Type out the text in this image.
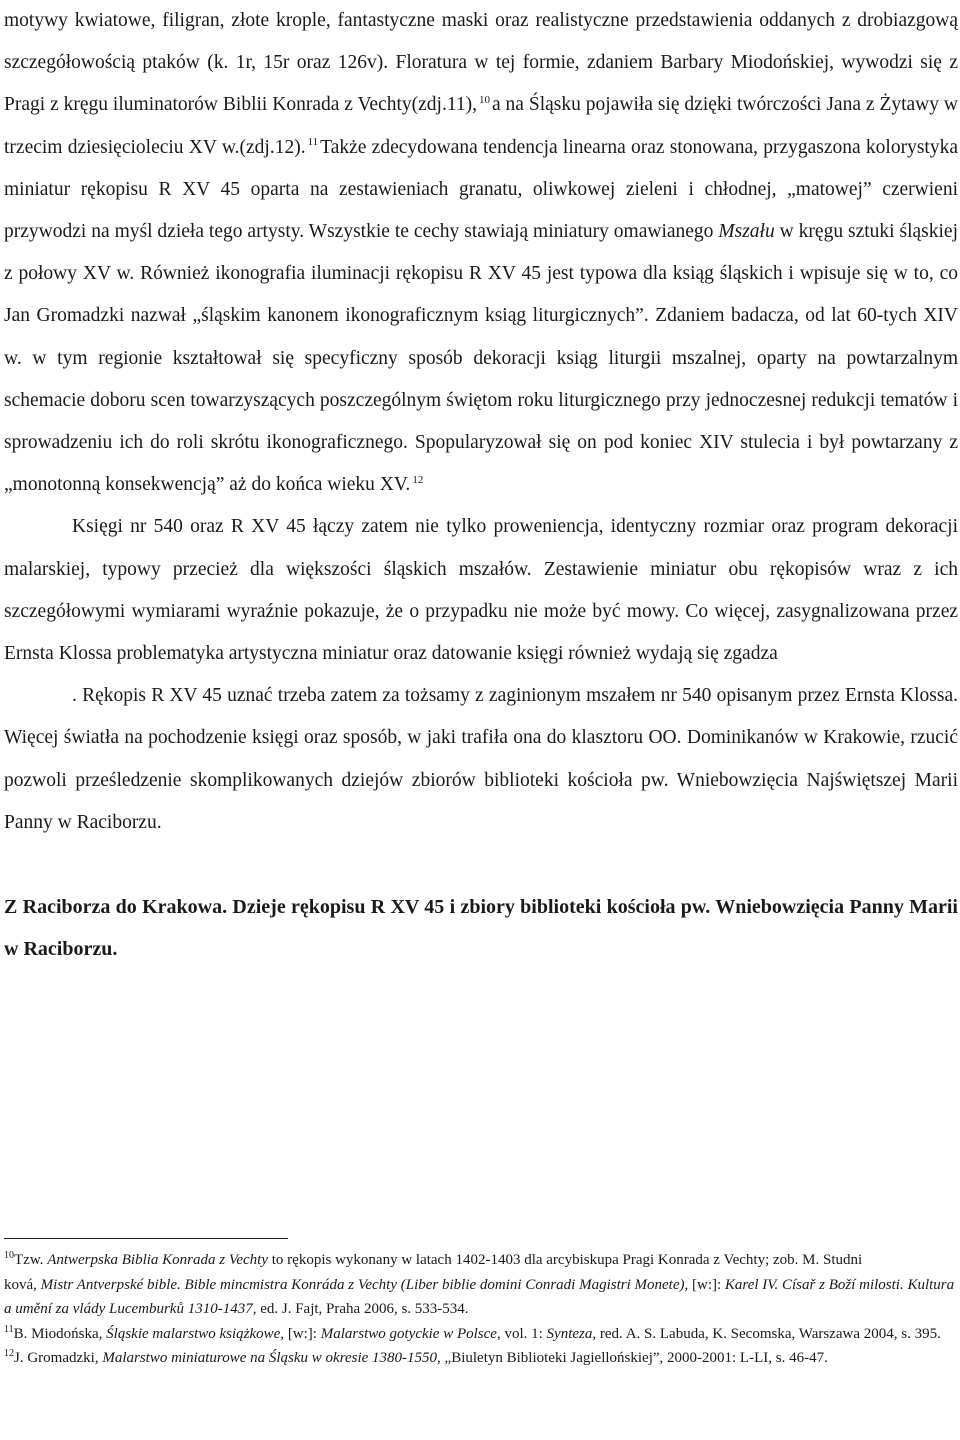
motywy kwiatowe, filigran, złote krople, fantastyczne maski oraz realistyczne przedstawienia oddanych z drobiazgową szczegółowością ptaków (k. 1r, 15r oraz 126v). Floratura w tej formie, zdaniem Barbary Miodońskiej, wywodzi się z Pragi z kręgu iluminatorów Biblii Konrada z Vechty(zdj.11), $^{10}$ a na Śląsku pojawiła się dzięki twórczości Jana z Żytawy w trzecim dziesięcioleciu XV w.(zdj.12). $^{11}$ Także zdecydowana tendencja linearna oraz stonowana, przygaszona kolorystyka miniatur rękopisu R XV 45 oparta na zestawieniach granatu, oliwkowej zieleni i chłodnej, „matowej” czerwieni przywodzi na myśl dzieła tego artysty. Wszystkie te cechy stawiają miniatury omawianego Mszału w kręgu sztuki śląskiej z połowy XV w. Również ikonografia iluminacji rękopisu R XV 45 jest typowa dla ksiąg śląskich i wpisuje się w to, co Jan Gromadzki nazwał „śląskim kanonem ikonograficznym ksiąg liturgicznych”. Zdaniem badacza, od lat 60-tych XIV w. w tym regionie kształtował się specyficzny sposób dekoracji ksiąg liturgii mszalnej, oparty na powtarzalnym schemacie doboru scen towarzyszących poszczególnym świętom roku liturgicznego przy jednoczesnej redukcji tematów i sprowadzeniu ich do roli skrótu ikonograficznego. Spopularyzował się on pod koniec XIV stulecia i był powtarzany z „monotonną konsekwencją” aż do końca wieku XV. $^{12}$

Księgi nr 540 oraz R XV 45 łączy zatem nie tylko proweniencja, identyczny rozmiar oraz program dekoracji malarskiej, typowy przecież dla większości śląskich mszałów. Zestawienie miniatur obu rękopisów wraz z ich szczegółowymi wymiarami wyraźnie pokazuje, że o przypadku nie może być mowy. Co więcej, zasygnalizowana przez Ernsta Klossa problematyka artystyczna miniatur oraz datowanie księgi również wydają się zgadza

. Rękopis R XV 45 uznać trzeba zatem za tożsamy z zaginionym mszałem nr 540 opisanym przez Ernsta Klossa. Więcej światła na pochodzenie księgi oraz sposób, w jaki trafiła ona do klasztoru OO. Dominikanów w Krakowie, rzucić pozwoli prześledzenie skomplikowanych dziejów zbiorów biblioteki kościoła pw. Wniebowzięcia Najświętszej Marii Panny w Raciborzu.

Z Raciborza do Krakowa. Dzieje rękopisu R XV 45 i zbiory biblioteki kościoła pw. Wniebowzięcia Panny Marii w Raciborzu.

$^{10}$Tzw. Antwerpska Biblia Konrada z Vechty to rękopis wykonany w latach 1402-1403 dla arcybiskupa Pragi Konrada z Vechty; zob. M. Studni
ková, Mistr Antverpské bible. Bible mincmistra Konráda z Vechty (Liber biblie domini Conradi Magistri Monete), [w:]: Karel IV. Císař z Boží milosti. Kultura a umění za vlády Lucemburků 1310-1437, ed. J. Fajt, Praha 2006, s. 533-534.

$^{11}$B. Miodońska, Śląskie malarstwo książkowe, [w:]: Malarstwo gotyckie w Polsce, vol. 1: Synteza, red. A. S. Labuda, K. Secomska, Warszawa 2004, s. 395.

$^{12}$J. Gromadzki, Malarstwo miniaturowe na Śląsku w okresie 1380-1550, „Biuletyn Biblioteki Jagiellońskiej”, 2000-2001: L-LI, s. 46-47.
